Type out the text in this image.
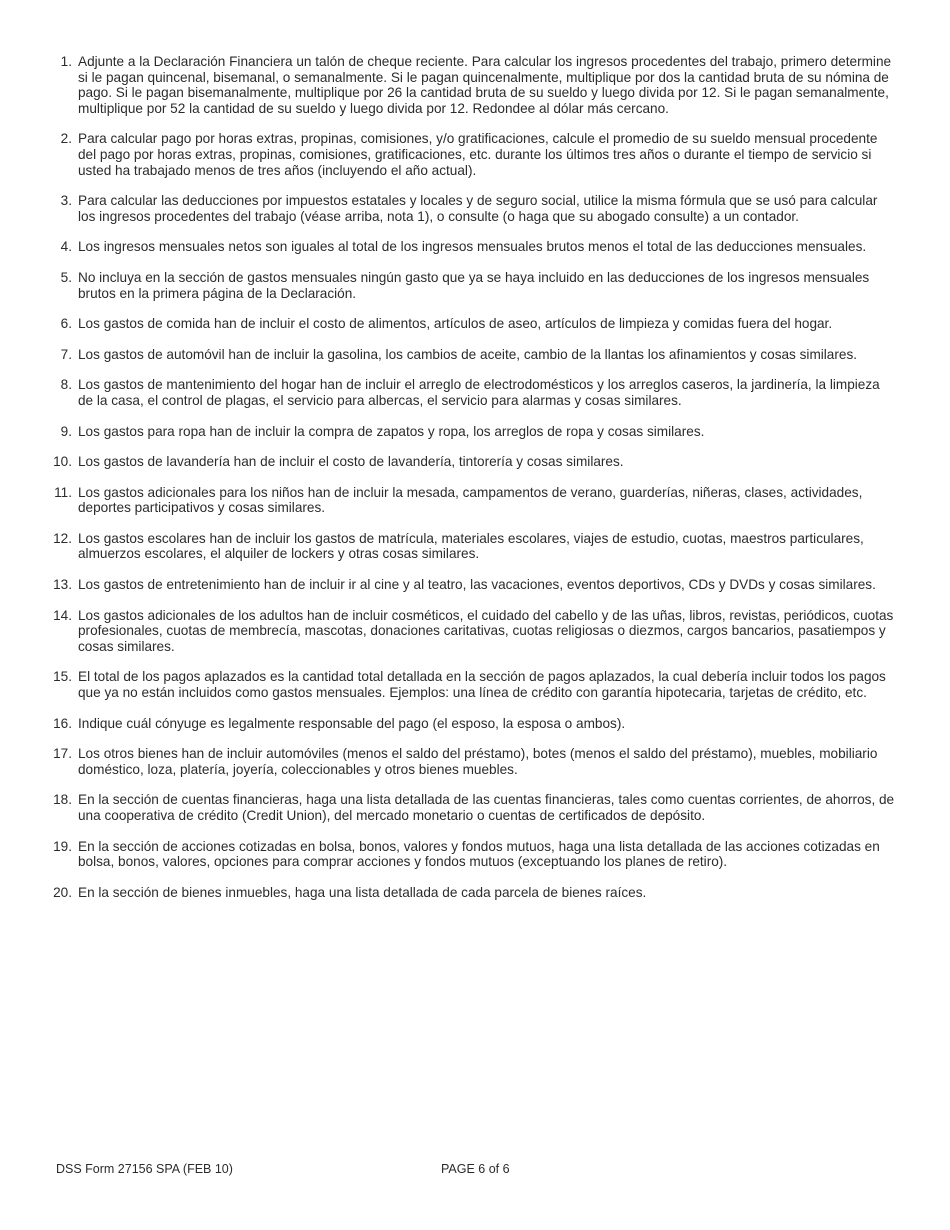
1. Adjunte a la Declaración Financiera un talón de cheque reciente. Para calcular los ingresos procedentes del trabajo, primero determine si le pagan quincenal, bisemanal, o semanalmente. Si le pagan quincenalmente, multiplique por dos la cantidad bruta de su nómina de pago. Si le pagan bisemanalmente, multiplique por 26 la cantidad bruta de su sueldo y luego divida por 12. Si le pagan semanalmente, multiplique por 52 la cantidad de su sueldo y luego divida por 12. Redondee al dólar más cercano.
2. Para calcular pago por horas extras, propinas, comisiones, y/o gratificaciones, calcule el promedio de su sueldo mensual procedente del pago por horas extras, propinas, comisiones, gratificaciones, etc. durante los últimos tres años o durante el tiempo de servicio si usted ha trabajado menos de tres años (incluyendo el año actual).
3. Para calcular las deducciones por impuestos estatales y locales y de seguro social, utilice la misma fórmula que se usó para calcular los ingresos procedentes del trabajo (véase arriba, nota 1), o consulte (o haga que su abogado consulte) a un contador.
4. Los ingresos mensuales netos son iguales al total de los ingresos mensuales brutos menos el total de las deducciones mensuales.
5. No incluya en la sección de gastos mensuales ningún gasto que ya se haya incluido en las deducciones de los ingresos mensuales brutos en la primera página de la Declaración.
6. Los gastos de comida han de incluir el costo de alimentos, artículos de aseo, artículos de limpieza y comidas fuera del hogar.
7. Los gastos de automóvil han de incluir la gasolina, los cambios de aceite, cambio de la llantas los afinamientos y cosas similares.
8. Los gastos de mantenimiento del hogar han de incluir el arreglo de electrodomésticos y los arreglos caseros, la jardinería, la limpieza de la casa, el control de plagas, el servicio para albercas, el servicio para alarmas y cosas similares.
9. Los gastos para ropa han de incluir la compra de zapatos y ropa, los arreglos de ropa y cosas similares.
10. Los gastos de lavandería han de incluir el costo de lavandería, tintorería y cosas similares.
11. Los gastos adicionales para los niños han de incluir la mesada, campamentos de verano, guarderías, niñeras, clases, actividades, deportes participativos y cosas similares.
12. Los gastos escolares han de incluir los gastos de matrícula, materiales escolares, viajes de estudio, cuotas, maestros particulares, almuerzos escolares, el alquiler de lockers y otras cosas similares.
13. Los gastos de entretenimiento han de incluir ir al cine y al teatro, las vacaciones, eventos deportivos, CDs y DVDs y cosas similares.
14. Los gastos adicionales de los adultos han de incluir cosméticos, el cuidado del cabello y de las uñas, libros, revistas, periódicos, cuotas profesionales, cuotas de membrecía, mascotas, donaciones caritativas, cuotas religiosas o diezmos, cargos bancarios, pasatiempos y cosas similares.
15. El total de los pagos aplazados es la cantidad total detallada en la sección de pagos aplazados, la cual debería incluir todos los pagos que ya no están incluidos como gastos mensuales. Ejemplos: una línea de crédito con garantía hipotecaria, tarjetas de crédito, etc.
16. Indique cuál cónyuge es legalmente responsable del pago (el esposo, la esposa o ambos).
17. Los otros bienes han de incluir automóviles (menos el saldo del préstamo), botes (menos el saldo del préstamo), muebles, mobiliario doméstico, loza, platería, joyería, coleccionables y otros bienes muebles.
18. En la sección de cuentas financieras, haga una lista detallada de las cuentas financieras, tales como cuentas corrientes, de ahorros, de una cooperativa de crédito (Credit Union), del mercado monetario o cuentas de certificados de depósito.
19. En la sección de acciones cotizadas en bolsa, bonos, valores y fondos mutuos, haga una lista detallada de las acciones cotizadas en bolsa, bonos, valores, opciones para comprar acciones y fondos mutuos (exceptuando los planes de retiro).
20. En la sección de bienes inmuebles, haga una lista detallada de cada parcela de bienes raíces.
DSS Form 27156 SPA (FEB 10)	PAGE 6 of 6
